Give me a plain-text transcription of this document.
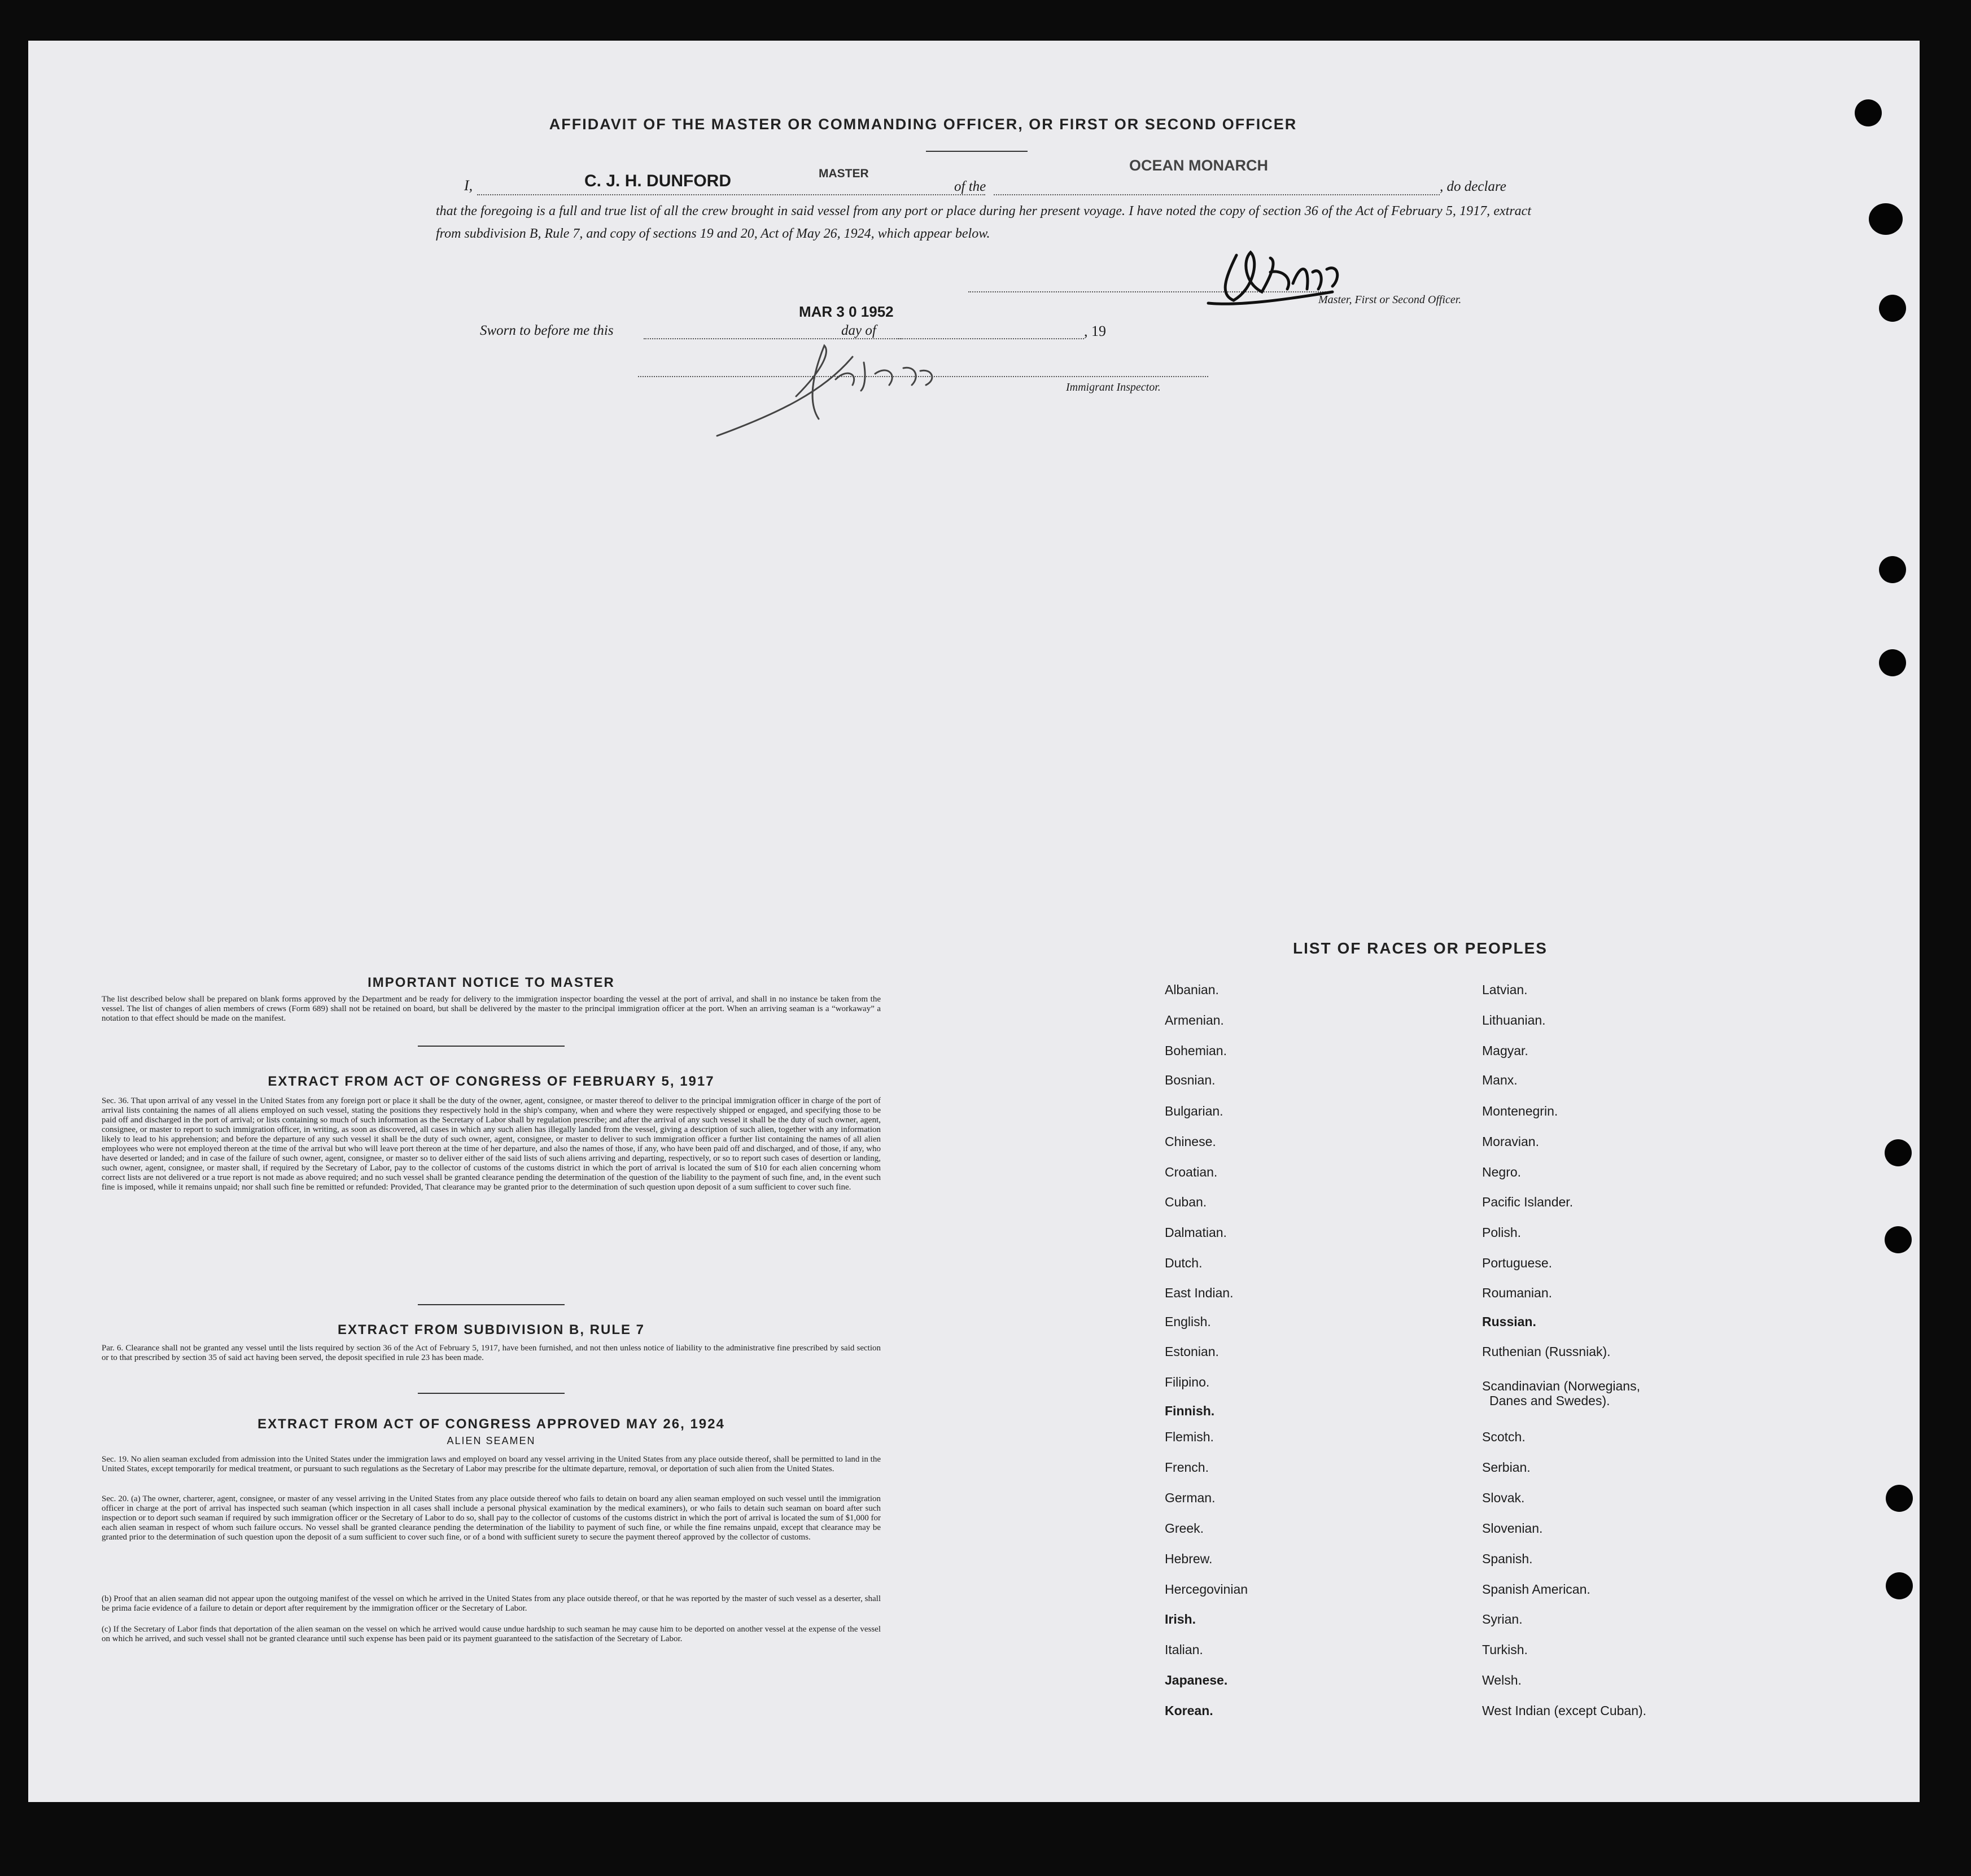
AFFIDAVIT OF THE MASTER OR COMMANDING OFFICER, OR FIRST OR SECOND OFFICER
I,	C. J. H. DUNFORD	MASTER
of the
OCEAN MONARCH
, do declare
that the foregoing is a full and true list of all the crew brought in said vessel from any port or place during her present voyage. I have noted the copy of section 36 of the Act of February 5, 1917, extract from subdivision B, Rule 7, and copy of sections 19 and 20, Act of May 26, 1924, which appear below.
Master, First or Second Officer.
Sworn to before me this
MAR 3 0 1952
day of	, 19
Immigrant Inspector.
IMPORTANT NOTICE TO MASTER
The list described below shall be prepared on blank forms approved by the Department and be ready for delivery to the immigration inspector boarding the vessel at the port of arrival, and shall in no instance be taken from the vessel. The list of changes of alien members of crews (Form 689) shall not be retained on board, but shall be delivered by the master to the principal immigration officer at the port. When an arriving seaman is a “workaway” a notation to that effect should be made on the manifest.
EXTRACT FROM ACT OF CONGRESS OF FEBRUARY 5, 1917
Sec. 36. That upon arrival of any vessel in the United States from any foreign port or place it shall be the duty of the owner, agent, consignee, or master thereof to deliver to the principal immigration officer in charge of the port of arrival lists containing the names of all aliens employed on such vessel, stating the positions they respectively hold in the ship's company, when and where they were respectively shipped or engaged, and specifying those to be paid off and discharged in the port of arrival; or lists containing so much of such information as the Secretary of Labor shall by regulation prescribe; and after the arrival of any such vessel it shall be the duty of such owner, agent, consignee, or master to report to such immigration officer, in writing, as soon as discovered, all cases in which any such alien has illegally landed from the vessel, giving a description of such alien, together with any information likely to lead to his apprehension; and before the departure of any such vessel it shall be the duty of such owner, agent, consignee, or master to deliver to such immigration officer a further list containing the names of all alien employees who were not employed thereon at the time of the arrival but who will leave port thereon at the time of her departure, and also the names of those, if any, who have been paid off and discharged, and of those, if any, who have deserted or landed; and in case of the failure of such owner, agent, consignee, or master so to deliver either of the said lists of such aliens arriving and departing, respectively, or so to report such cases of desertion or landing, such owner, agent, consignee, or master shall, if required by the Secretary of Labor, pay to the collector of customs of the customs district in which the port of arrival is located the sum of $10 for each alien concerning whom correct lists are not delivered or a true report is not made as above required; and no such vessel shall be granted clearance pending the determination of the question of the liability to the payment of such fine, and, in the event such fine is imposed, while it remains unpaid; nor shall such fine be remitted or refunded: Provided, That clearance may be granted prior to the determination of such question upon deposit of a sum sufficient to cover such fine.
EXTRACT FROM SUBDIVISION B, RULE 7
Par. 6. Clearance shall not be granted any vessel until the lists required by section 36 of the Act of February 5, 1917, have been furnished, and not then unless notice of liability to the administrative fine prescribed by said section or to that prescribed by section 35 of said act having been served, the deposit specified in rule 23 has been made.
EXTRACT FROM ACT OF CONGRESS APPROVED MAY 26, 1924
ALIEN SEAMEN
Sec. 19. No alien seaman excluded from admission into the United States under the immigration laws and employed on board any vessel arriving in the United States from any place outside thereof, shall be permitted to land in the United States, except temporarily for medical treatment, or pursuant to such regulations as the Secretary of Labor may prescribe for the ultimate departure, removal, or deportation of such alien from the United States.
Sec. 20. (a) The owner, charterer, agent, consignee, or master of any vessel arriving in the United States from any place outside thereof who fails to detain on board any alien seaman employed on such vessel until the immigration officer in charge at the port of arrival has inspected such seaman (which inspection in all cases shall include a personal physical examination by the medical examiners), or who fails to detain such seaman on board after such inspection or to deport such seaman if required by such immigration officer or the Secretary of Labor to do so, shall pay to the collector of customs of the customs district in which the port of arrival is located the sum of $1,000 for each alien seaman in respect of whom such failure occurs. No vessel shall be granted clearance pending the determination of the liability to payment of such fine, or while the fine remains unpaid, except that clearance may be granted prior to the determination of such question upon the deposit of a sum sufficient to cover such fine, or of a bond with sufficient surety to secure the payment thereof approved by the collector of customs.
(b) Proof that an alien seaman did not appear upon the outgoing manifest of the vessel on which he arrived in the United States from any place outside thereof, or that he was reported by the master of such vessel as a deserter, shall be prima facie evidence of a failure to detain or deport after requirement by the immigration officer or the Secretary of Labor.
(c) If the Secretary of Labor finds that deportation of the alien seaman on the vessel on which he arrived would cause undue hardship to such seaman he may cause him to be deported on another vessel at the expense of the vessel on which he arrived, and such vessel shall not be granted clearance until such expense has been paid or its payment guaranteed to the satisfaction of the Secretary of Labor.
LIST OF RACES OR PEOPLES
Albanian.
Armenian.
Bohemian.
Bosnian.
Bulgarian.
Chinese.
Croatian.
Cuban.
Dalmatian.
Dutch.
East Indian.
English.
Estonian.
Filipino.
Finnish.
Flemish.
French.
German.
Greek.
Hebrew.
Hercegovinian
Irish.
Italian.
Japanese.
Korean.
Latvian.
Lithuanian.
Magyar.
Manx.
Montenegrin.
Moravian.
Negro.
Pacific Islander.
Polish.
Portuguese.
Roumanian.
Russian.
Ruthenian (Russniak).
Scandinavian (Norwegians,
Danes and Swedes).
Scotch.
Serbian.
Slovak.
Slovenian.
Spanish.
Spanish American.
Syrian.
Turkish.
Welsh.
West Indian (except Cuban).
